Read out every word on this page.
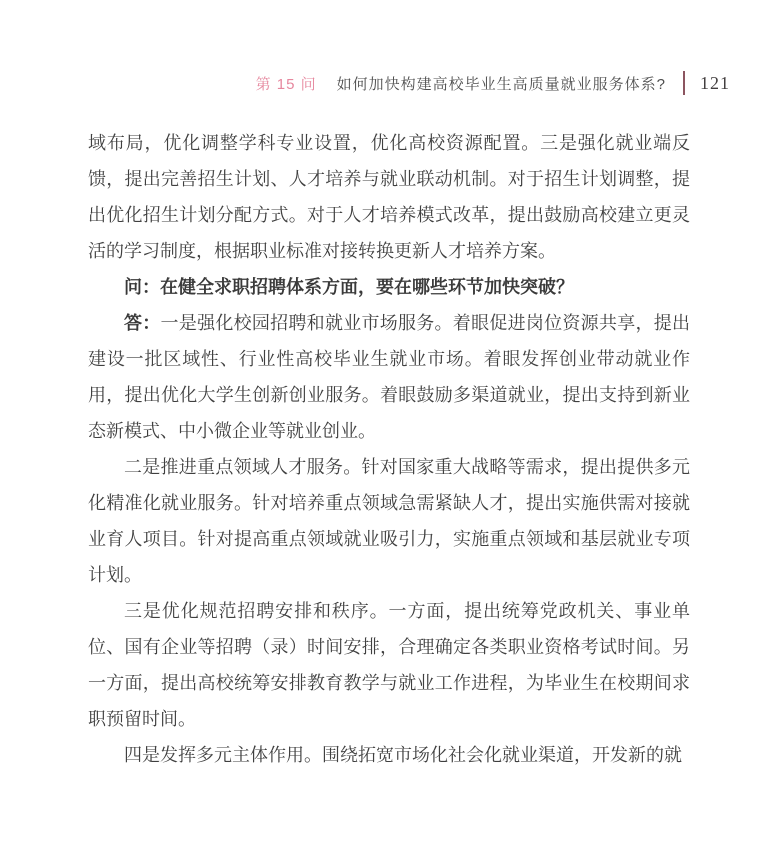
第 15 问 如何加快构建高校毕业生高质量就业服务体系? 121

域布局，优化调整学科专业设置，优化高校资源配置。三是强化就业端反馈，提出完善招生计划、人才培养与就业联动机制。对于招生计划调整，提出优化招生计划分配方式。对于人才培养模式改革，提出鼓励高校建立更灵活的学习制度，根据职业标准对接转换更新人才培养方案。

问：在健全求职招聘体系方面，要在哪些环节加快突破？

答：一是强化校园招聘和就业市场服务。着眼促进岗位资源共享，提出建设一批区域性、行业性高校毕业生就业市场。着眼发挥创业带动就业作用，提出优化大学生创新创业服务。着眼鼓励多渠道就业，提出支持到新业态新模式、中小微企业等就业创业。

二是推进重点领域人才服务。针对国家重大战略等需求，提出提供多元化精准化就业服务。针对培养重点领域急需紧缺人才，提出实施供需对接就业育人项目。针对提高重点领域就业吸引力，实施重点领域和基层就业专项计划。

三是优化规范招聘安排和秩序。一方面，提出统筹党政机关、事业单位、国有企业等招聘（录）时间安排，合理确定各类职业资格考试时间。另一方面，提出高校统筹安排教育教学与就业工作进程，为毕业生在校期间求职预留时间。

四是发挥多元主体作用。围绕拓宽市场化社会化就业渠道，开发新的就
